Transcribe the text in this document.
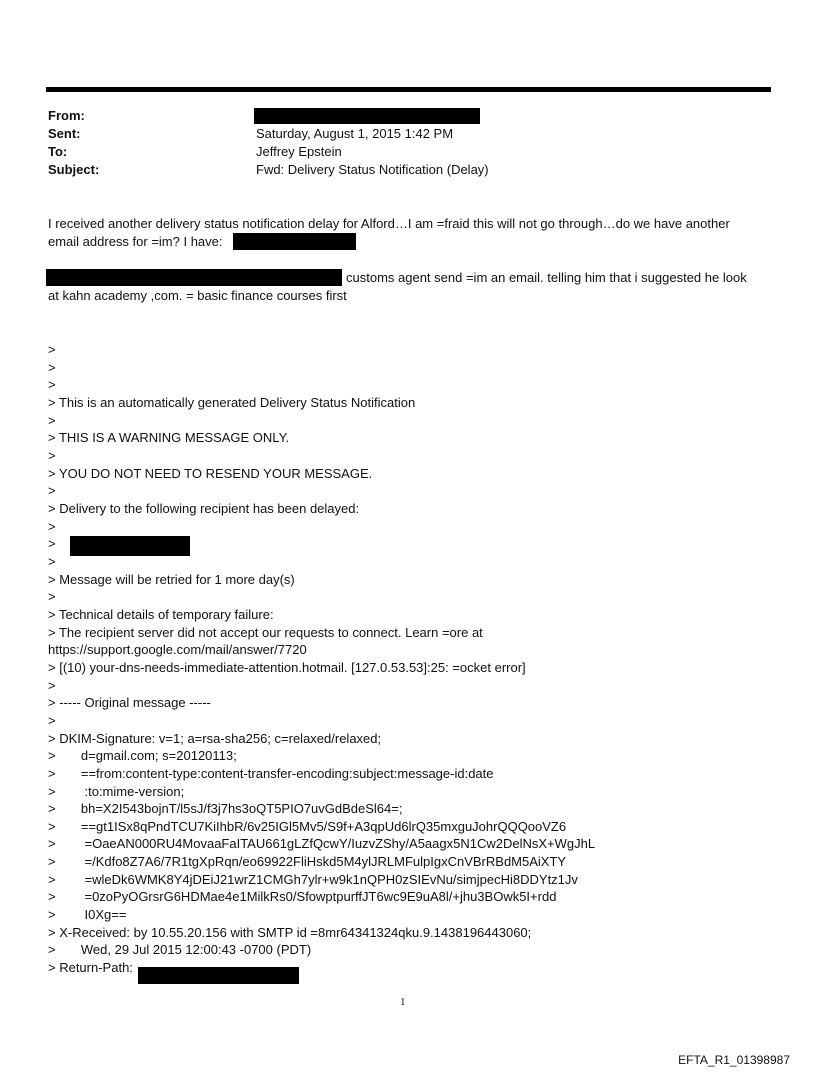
From:
Sent:	Saturday, August 1, 2015 1:42 PM
To:	Jeffrey Epstein
Subject:	Fwd: Delivery Status Notification (Delay)
I received another delivery status notification delay for Alford…I am =fraid this will not go through…do we have another
email address for =im? I have:
customs agent send =im an email. telling him that i suggested he look
at kahn academy ,com. = basic finance courses first
>
>
>
> This is an automatically generated Delivery Status Notification
>
> THIS IS A WARNING MESSAGE ONLY.
>
> YOU DO NOT NEED TO RESEND YOUR MESSAGE.
>
> Delivery to the following recipient has been delayed:
>
>
>
> Message will be retried for 1 more day(s)
>
> Technical details of temporary failure:
> The recipient server did not accept our requests to connect. Learn =ore at
https://support.google.com/mail/answer/7720
> [(10) your-dns-needs-immediate-attention.hotmail. [127.0.53.53]:25: =ocket error]
>
> ----- Original message -----
>
> DKIM-Signature: v=1; a=rsa-sha256; c=relaxed/relaxed;
>       d=gmail.com; s=20120113;
>       ==from:content-type:content-transfer-encoding:subject:message-id:date
>        :to:mime-version;
>       bh=X2I543bojnT/l5sJ/f3j7hs3oQT5PIO7uvGdBdeSl64=;
>       ==gt1ISx8qPndTCU7KiIhbR/6v25IGl5Mv5/S9f+A3qpUd6lrQ35mxguJohrQQQooVZ6
>        =OaeAN000RU4MovaaFaITAU661gLZfQcwY/IuzvZShy/A5aagx5N1Cw2DelNsX+WgJhL
>        =/Kdfo8Z7A6/7R1tgXpRqn/eo69922FliHskd5M4ylJRLMFulpIgxCnVBrRBdM5AiXTY
>        =wleDk6WMK8Y4jDEiJ21wrZ1CMGh7ylr+w9k1nQPH0zSIEvNu/simjpecHi8DDYtz1Jv
>        =0zoPyOGrsrG6HDMae4e1MilkRs0/SfowptpurffJT6wc9E9uA8l/+jhu3BOwk5I+rdd
>        I0Xg==
> X-Received: by 10.55.20.156 with SMTP id =8mr64341324qku.9.1438196443060;
>       Wed, 29 Jul 2015 12:00:43 -0700 (PDT)
> Return-Path:
1
EFTA_R1_01398987
